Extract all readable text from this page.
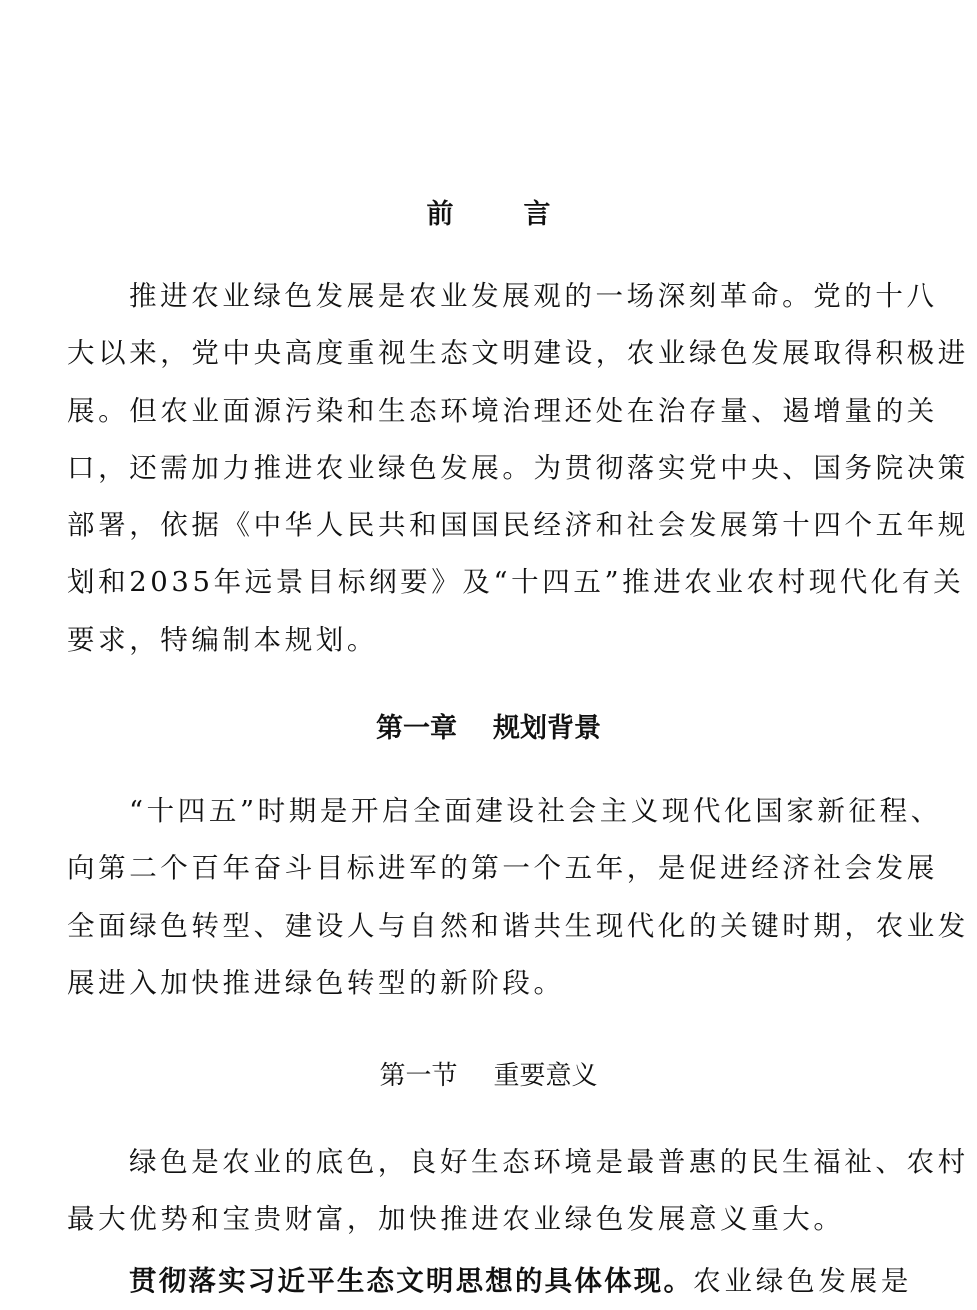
前	言
推进农业绿色发展是农业发展观的一场深刻革命。党的十八
大以来，党中央高度重视生态文明建设，农业绿色发展取得积极进
展。但农业面源污染和生态环境治理还处在治存量、遏增量的关
口，还需加力推进农业绿色发展。为贯彻落实党中央、国务院决策
部署，依据《中华人民共和国国民经济和社会发展第十四个五年规
划和2035年远景目标纲要》及“十四五”推进农业农村现代化有关
要求，特编制本规划。
第一章 规划背景
“十四五”时期是开启全面建设社会主义现代化国家新征程、
向第二个百年奋斗目标进军的第一个五年，是促进经济社会发展
全面绿色转型、建设人与自然和谐共生现代化的关键时期，农业发
展进入加快推进绿色转型的新阶段。
第一节 重要意义
绿色是农业的底色，良好生态环境是最普惠的民生福祉、农村
最大优势和宝贵财富，加快推进农业绿色发展意义重大。
贯彻落实习近平生态文明思想的具体体现。农业绿色发展是
